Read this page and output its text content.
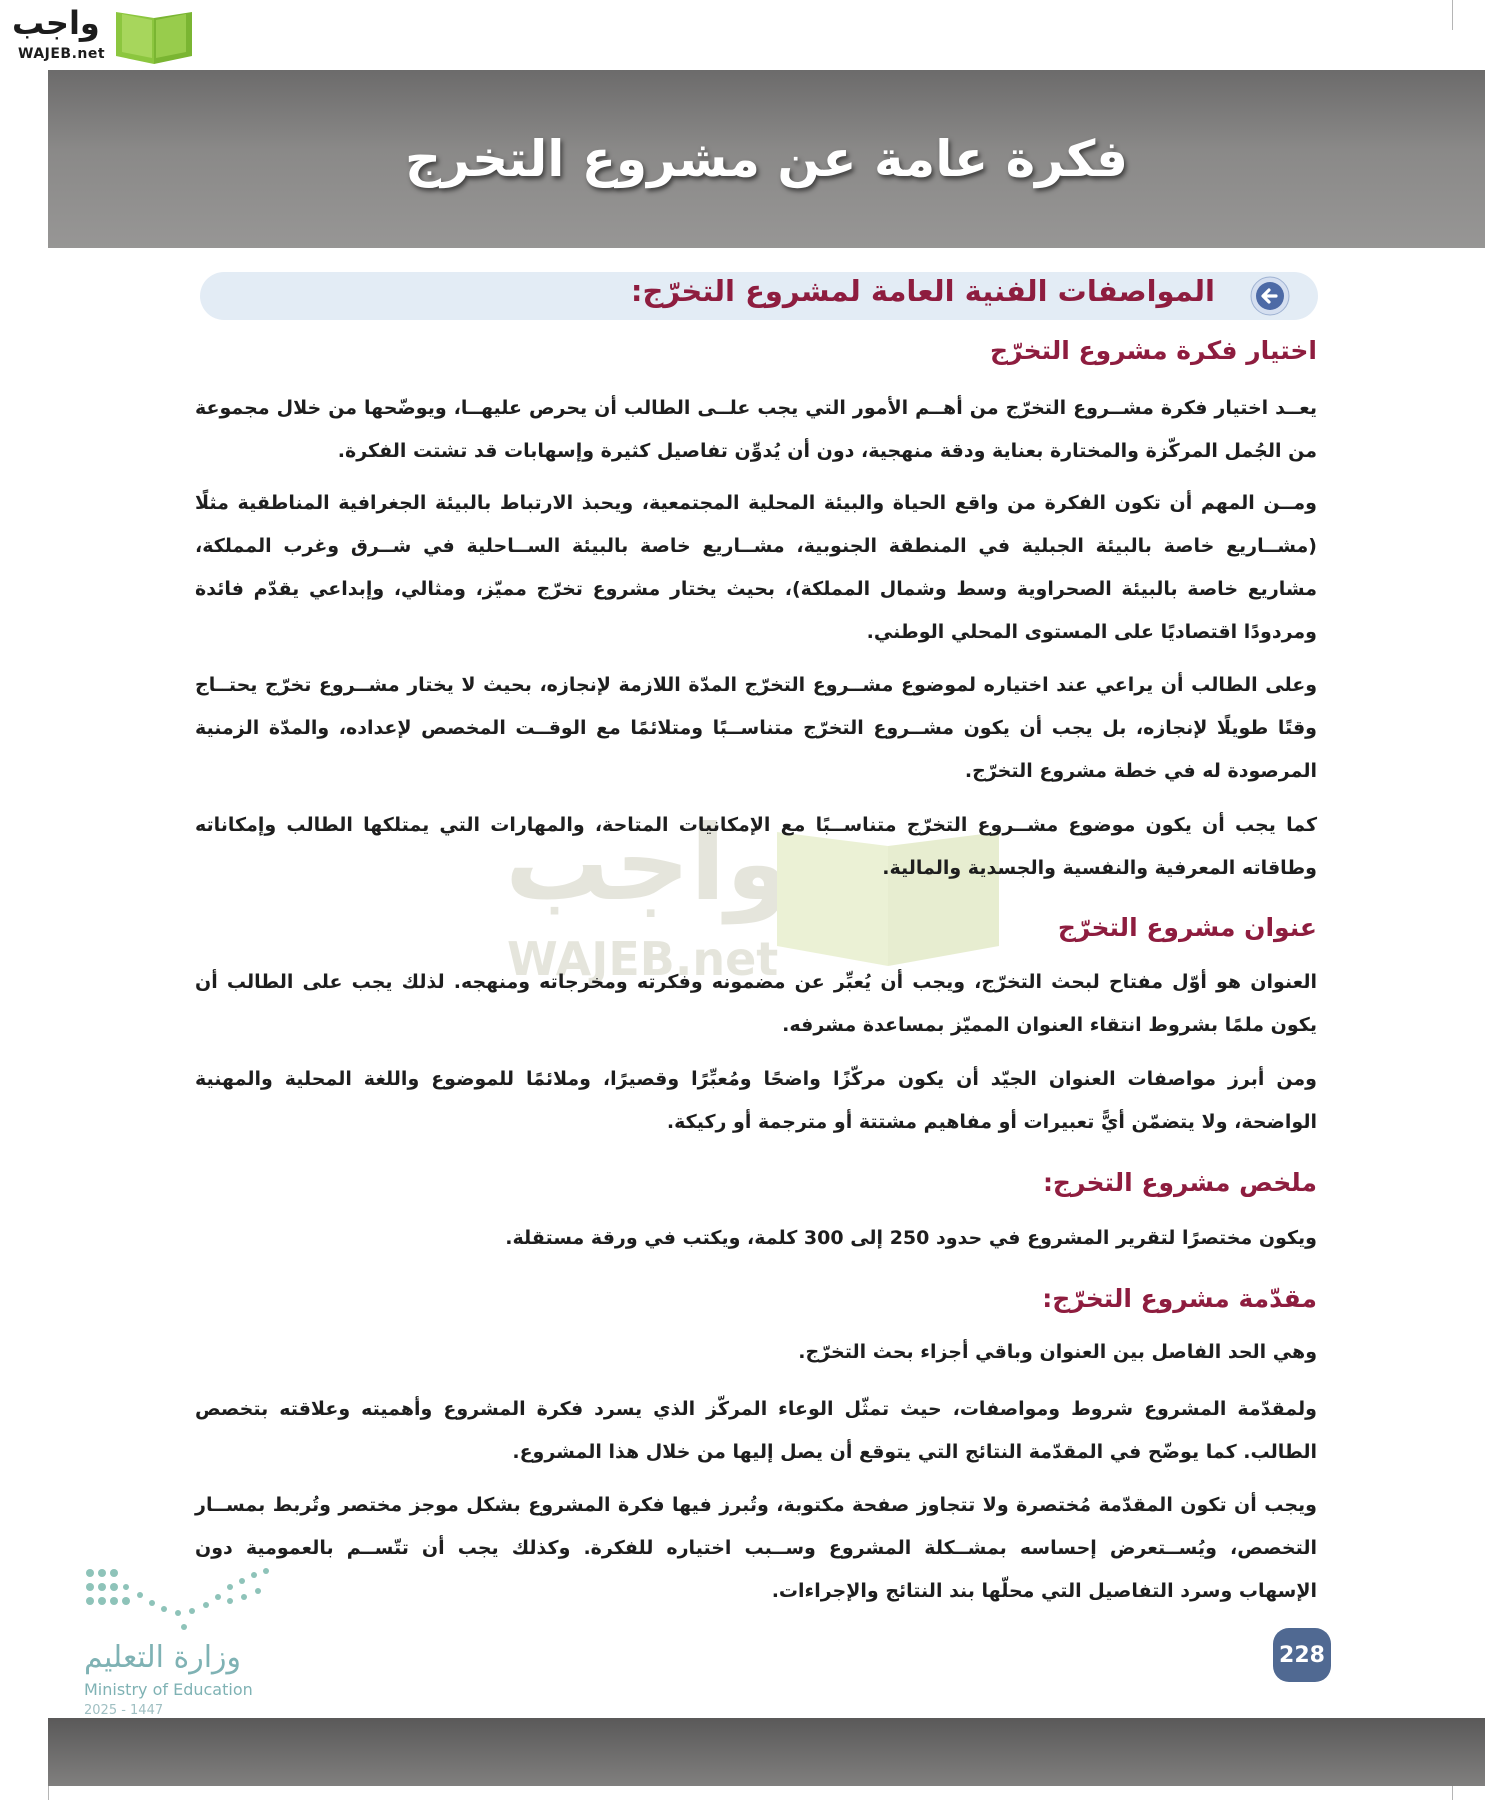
واجب
WAJEB.net
فكرة عامة عن مشروع التخرج
المواصفات الفنية العامة لمشروع التخرّج:
واجب
WAJEB.net
اختيار فكرة مشروع التخرّج
يعــد اختيار فكرة مشــروع التخرّج من أهــم الأمور التي يجب علــى الطالب أن يحرص عليهــا، ويوضّحها من خلال مجموعة من الجُمل المركّزة والمختارة بعناية ودقة منهجية، دون أن يُدوِّن تفاصيل كثيرة وإسهابات قد تشتت الفكرة.
ومــن المهم أن تكون الفكرة من واقع الحياة والبيئة المحلية المجتمعية، ويحبذ الارتباط بالبيئة الجغرافية المناطقية مثلًا (مشــاريع خاصة بالبيئة الجبلية في المنطقة الجنوبية، مشــاريع خاصة بالبيئة الســاحلية في شــرق وغرب المملكة، مشاريع خاصة بالبيئة الصحراوية وسط وشمال المملكة)، بحيث يختار مشروع تخرّج مميّز، ومثالي، وإبداعي يقدّم فائدة ومردودًا اقتصاديًا على المستوى المحلي الوطني.
وعلى الطالب أن يراعي عند اختياره لموضوع مشــروع التخرّج المدّة اللازمة لإنجازه، بحيث لا يختار مشــروع تخرّج يحتــاج وقتًا طويلًا لإنجازه، بل يجب أن يكون مشــروع التخرّج متناســبًا ومتلائمًا مع الوقــت المخصص لإعداده، والمدّة الزمنية المرصودة له في خطة مشروع التخرّج.
كما يجب أن يكون موضوع مشــروع التخرّج متناســبًا مع الإمكانيات المتاحة، والمهارات التي يمتلكها الطالب وإمكاناته وطاقاته المعرفية والنفسية والجسدية والمالية.
عنوان مشروع التخرّج
العنوان هو أوّل مفتاح لبحث التخرّج، ويجب أن يُعبِّر عن مضمونه وفكرته ومخرجاته ومنهجه. لذلك يجب على الطالب أن يكون ملمًا بشروط انتقاء العنوان المميّز بمساعدة مشرفه.
ومن أبرز مواصفات العنوان الجيّد أن يكون مركّزًا واضحًا ومُعبِّرًا وقصيرًا، وملائمًا للموضوع واللغة المحلية والمهنية الواضحة، ولا يتضمّن أيًّ تعبيرات أو مفاهيم مشتتة أو مترجمة أو ركيكة.
ملخص مشروع التخرج:
ويكون مختصرًا لتقرير المشروع في حدود 250 إلى 300 كلمة، ويكتب في ورقة مستقلة.
مقدّمة مشروع التخرّج:
وهي الحد الفاصل بين العنوان وباقي أجزاء بحث التخرّج.
ولمقدّمة المشروع شروط ومواصفات، حيث تمثّل الوعاء المركّز الذي يسرد فكرة المشروع وأهميته وعلاقته بتخصص الطالب. كما يوضّح في المقدّمة النتائج التي يتوقع أن يصل إليها من خلال هذا المشروع.
ويجب أن تكون المقدّمة مُختصرة ولا تتجاوز صفحة مكتوبة، وتُبرز فيها فكرة المشروع بشكل موجز مختصر وتُربط بمســار التخصص، ويُســتعرض إحساسه بمشــكلة المشروع وســبب اختياره للفكرة. وكذلك يجب أن تتّســم بالعمومية دون الإسهاب وسرد التفاصيل التي محلّها بند النتائج والإجراءات.
وزارة التعليم
Ministry of Education
2025 - 1447
228
